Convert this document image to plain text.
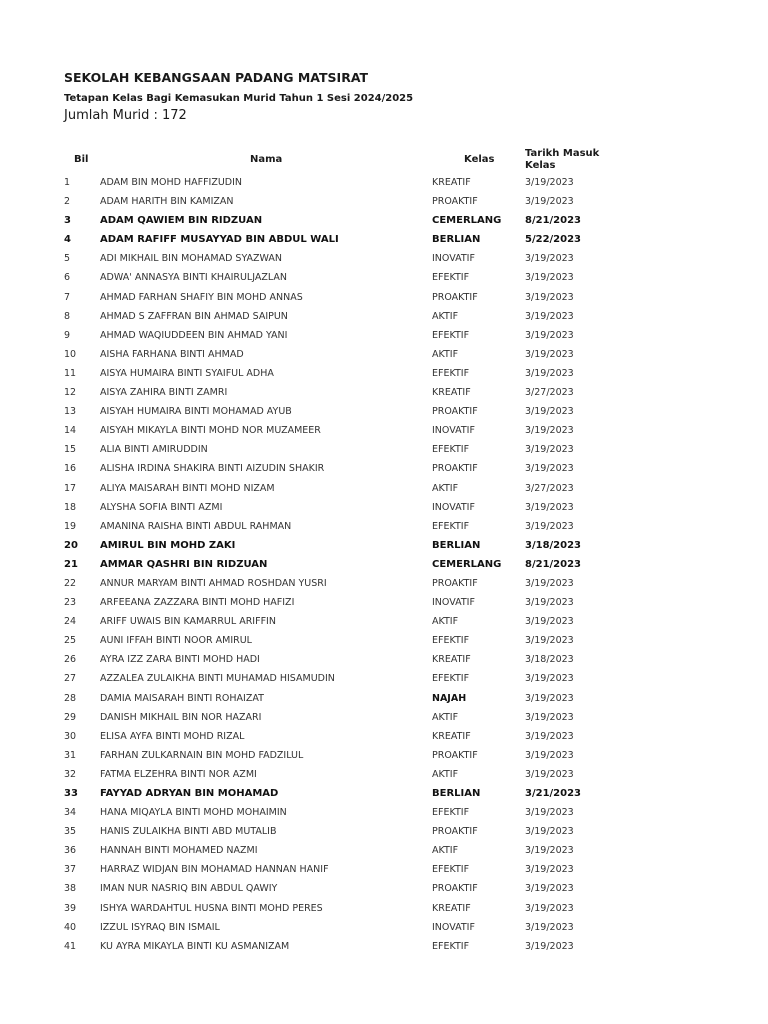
SEKOLAH KEBANGSAAN PADANG MATSIRAT
Tetapan Kelas Bagi Kemasukan Murid Tahun 1 Sesi 2024/2025
Jumlah Murid : 172
Bil	Nama	Kelas
Tarikh Masuk Kelas
1	ADAM BIN MOHD HAFFIZUDIN	KREATIF	3/19/2023
2	ADAM HARITH BIN KAMIZAN	PROAKTIF	3/19/2023
3	ADAM QAWIEM BIN RIDZUAN	CEMERLANG 8/21/2023
4	ADAM RAFIFF MUSAYYAD BIN ABDUL WALI	BERLIAN	5/22/2023
5	ADI MIKHAIL BIN MOHAMAD SYAZWAN	INOVATIF	3/19/2023
6	ADWA' ANNASYA BINTI KHAIRULJAZLAN	EFEKTIF	3/19/2023
7	AHMAD FARHAN SHAFIY BIN MOHD ANNAS	PROAKTIF	3/19/2023
8	AHMAD S ZAFFRAN BIN AHMAD SAIPUN	AKTIF	3/19/2023
9	AHMAD WAQIUDDEEN BIN AHMAD YANI	EFEKTIF	3/19/2023
10	AISHA FARHANA BINTI AHMAD	AKTIF	3/19/2023
11	AISYA HUMAIRA BINTI SYAIFUL ADHA	EFEKTIF	3/19/2023
12	AISYA ZAHIRA BINTI ZAMRI	KREATIF	3/27/2023
13	AISYAH HUMAIRA BINTI MOHAMAD AYUB	PROAKTIF	3/19/2023
14	AISYAH MIKAYLA BINTI MOHD NOR MUZAMEER	INOVATIF	3/19/2023
15	ALIA BINTI AMIRUDDIN	EFEKTIF	3/19/2023
16	ALISHA IRDINA SHAKIRA BINTI AIZUDIN SHAKIR	PROAKTIF	3/19/2023
17	ALIYA MAISARAH BINTI MOHD NIZAM	AKTIF	3/27/2023
18	ALYSHA SOFIA BINTI AZMI	INOVATIF	3/19/2023
19	AMANINA RAISHA BINTI ABDUL RAHMAN	EFEKTIF	3/19/2023
20 AMIRUL BIN MOHD ZAKI	BERLIAN	3/18/2023
21 AMMAR QASHRI BIN RIDZUAN	CEMERLANG 8/21/2023
22	ANNUR MARYAM BINTI AHMAD ROSHDAN YUSRI	PROAKTIF	3/19/2023
23	ARFEEANA ZAZZARA BINTI MOHD HAFIZI	INOVATIF	3/19/2023
24	ARIFF UWAIS BIN KAMARRUL ARIFFIN	AKTIF	3/19/2023
25	AUNI IFFAH BINTI NOOR AMIRUL	EFEKTIF	3/19/2023
26	AYRA IZZ ZARA BINTI MOHD HADI	KREATIF	3/18/2023
27	AZZALEA ZULAIKHA BINTI MUHAMAD HISAMUDIN	EFEKTIF	3/19/2023
28	DAMIA MAISARAH BINTI ROHAIZAT	NAJAH	3/19/2023
29	DANISH MIKHAIL BIN NOR HAZARI	AKTIF	3/19/2023
30	ELISA AYFA BINTI MOHD RIZAL	KREATIF	3/19/2023
31	FARHAN ZULKARNAIN BIN MOHD FADZILUL	PROAKTIF	3/19/2023
32	FATMA ELZEHRA BINTI NOR AZMI	AKTIF	3/19/2023
33 FAYYAD ADRYAN BIN MOHAMAD	BERLIAN	3/21/2023
34	HANA MIQAYLA BINTI MOHD MOHAIMIN	EFEKTIF	3/19/2023
35	HANIS ZULAIKHA BINTI ABD MUTALIB	PROAKTIF	3/19/2023
36	HANNAH BINTI MOHAMED NAZMI	AKTIF	3/19/2023
37	HARRAZ WIDJAN BIN MOHAMAD HANNAN HANIF	EFEKTIF	3/19/2023
38	IMAN NUR NASRIQ BIN ABDUL QAWIY	PROAKTIF	3/19/2023
39	ISHYA WARDAHTUL HUSNA BINTI MOHD PERES	KREATIF	3/19/2023
40	IZZUL ISYRAQ BIN ISMAIL	INOVATIF	3/19/2023
41	KU AYRA MIKAYLA BINTI KU ASMANIZAM	EFEKTIF	3/19/2023
